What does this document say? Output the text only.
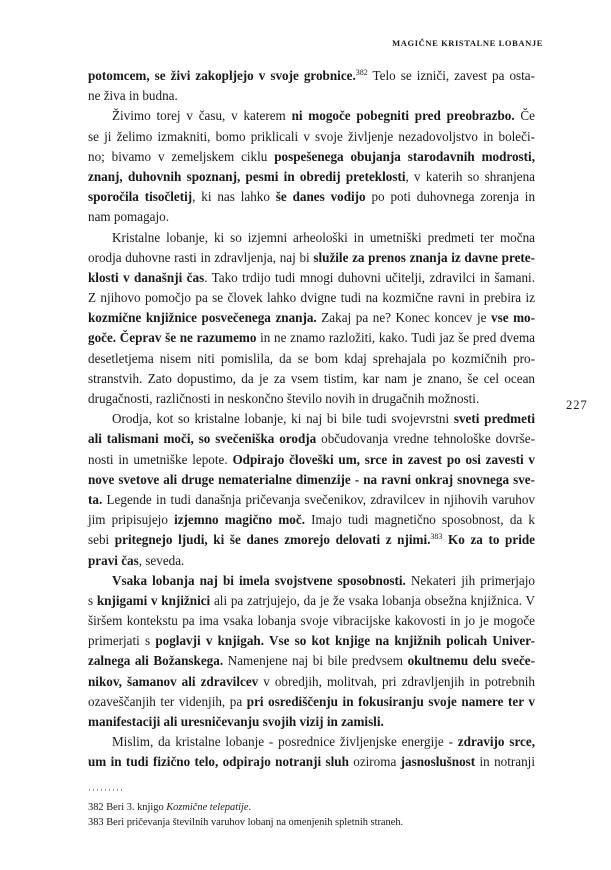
MAGIČNE KRISTALNE LOBANJE
potomcem, se živi zakopljejo v svoje grobnice.$^{382}$ Telo se izniči, zavest pa osta-
ne živa in budna.
Živimo torej v času, v katerem ni mogoče pobegniti pred preobrazbo. Če
se ji želimo izmakniti, bomo priklicali v svoje življenje nezadovoljstvo in boleči-
no; bivamo v zemeljskem ciklu pospešenega obujanja starodavnih modrosti,
znanj, duhovnih spoznanj, pesmi in obredij preteklosti, v katerih so shranjena
sporočila tisočletij, ki nas lahko še danes vodijo po poti duhovnega zorenja in
nam pomagajo.
Kristalne lobanje, ki so izjemni arheološki in umetniški predmeti ter močna
orodja duhovne rasti in zdravljenja, naj bi služile za prenos znanja iz davne prete-
klosti v današnji čas. Tako trdijo tudi mnogi duhovni učitelji, zdravilci in šamani.
Z njihovo pomočjo pa se človek lahko dvigne tudi na kozmične ravni in prebira iz
kozmične knjižnice posvečenega znanja. Zakaj pa ne? Konec koncev je vse mo-
goče. Čeprav še ne razumemo in ne znamo razložiti, kako. Tudi jaz še pred dvema
desetletjema nisem niti pomislila, da se bom kdaj sprehajala po kozmičnih pro-
stranstvih. Zato dopustimo, da je za vsem tistim, kar nam je znano, še cel ocean
drugačnosti, različnosti in neskončno število novih in drugačnih možnosti.
Orodja, kot so kristalne lobanje, ki naj bi bile tudi svojevrstni sveti predmeti
ali talismani moči, so svečeniška orodja občudovanja vredne tehnološke dovrše-
nosti in umetniške lepote. Odpirajo človeški um, srce in zavest po osi zavesti v
nove svetove ali druge nematerialne dimenzije - na ravni onkraj snovnega sve-
ta. Legende in tudi današnja pričevanja svečenikov, zdravilcev in njihovih varuhov
jim pripisujejo izjemno magično moč. Imajo tudi magnetično sposobnost, da k
sebi pritegnejo ljudi, ki še danes zmorejo delovati z njimi.$^{383}$ Ko za to pride
pravi čas, seveda.
Vsaka lobanja naj bi imela svojstvene sposobnosti. Nekateri jih primerjajo
s knjigami v knjižnici ali pa zatrjujejo, da je že vsaka lobanja obsežna knjižnica. V
širšem kontekstu pa ima vsaka lobanja svoje vibracijske kakovosti in jo je mogoče
primerjati s poglavji v knjigah. Vse so kot knjige na knjižnih policah Univer-
zalnega ali Božanskega. Namenjene naj bi bile predvsem okultnemu delu sveče-
nikov, šamanov ali zdravilcev v obredjih, molitvah, pri zdravljenjih in potrebnih
ozaveščanjih ter videnjih, pa pri osrediščenju in fokusiranju svoje namere ter v
manifestaciji ali uresničevanju svojih vizij in zamisli.
Mislim, da kristalne lobanje - posrednice življenjske energije - zdravijo srce,
um in tudi fizično telo, odpirajo notranji sluh oziroma jasnoslušnost in notranji
227
·········
382 Beri 3. knjigo Kozmične telepatije.
383 Beri pričevanja številnih varuhov lobanj na omenjenih spletnih straneh.
